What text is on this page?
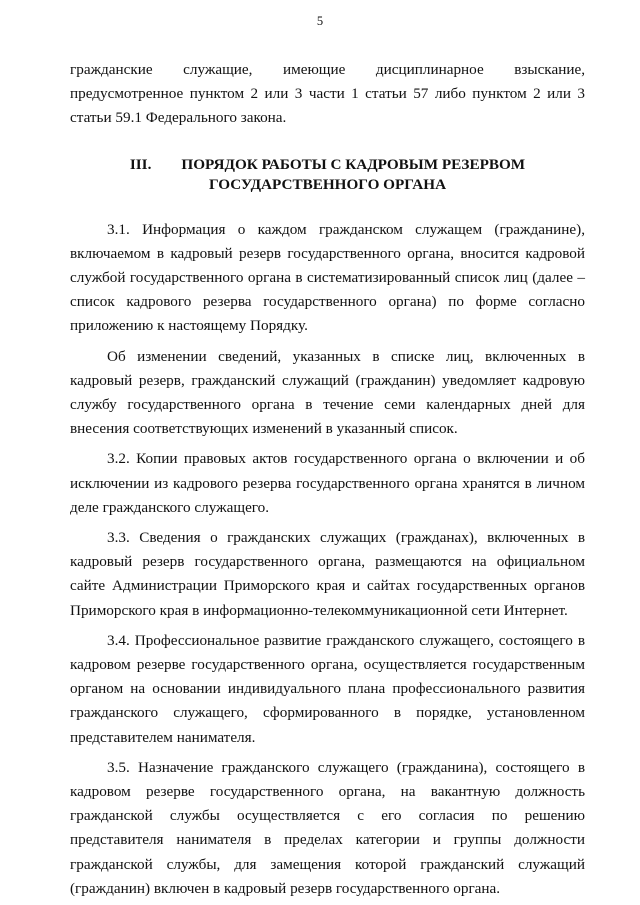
5

гражданские служащие, имеющие дисциплинарное взыскание, предусмотренное пунктом 2 или 3 части 1 статьи 57 либо пунктом 2 или 3 статьи 59.1 Федерального закона.

III. ПОРЯДОК РАБОТЫ С КАДРОВЫМ РЕЗЕРВОМ
ГОСУДАРСТВЕННОГО ОРГАНА

3.1. Информация о каждом гражданском служащем (гражданине), включаемом в кадровый резерв государственного органа, вносится кадровой службой государственного органа в систематизированный список лиц (далее – список кадрового резерва государственного органа) по форме согласно приложению к настоящему Порядку.

Об изменении сведений, указанных в списке лиц, включенных в кадровый резерв, гражданский служащий (гражданин) уведомляет кадровую службу государственного органа в течение семи календарных дней для внесения соответствующих изменений в указанный список.

3.2. Копии правовых актов государственного органа о включении и об исключении из кадрового резерва государственного органа хранятся в личном деле гражданского служащего.

3.3. Сведения о гражданских служащих (гражданах), включенных в кадровый резерв государственного органа, размещаются на официальном сайте Администрации Приморского края и сайтах государственных органов Приморского края в информационно-телекоммуникационной сети Интернет.

3.4. Профессиональное развитие гражданского служащего, состоящего в кадровом резерве государственного органа, осуществляется государственным органом на основании индивидуального плана профессионального развития гражданского служащего, сформированного в порядке, установленном представителем нанимателя.

3.5. Назначение гражданского служащего (гражданина), состоящего в кадровом резерве государственного органа, на вакантную должность гражданской службы осуществляется с его согласия по решению представителя нанимателя в пределах категории и группы должности гражданской службы, для замещения которой гражданский служащий (гражданин) включен в кадровый резерв государственного органа.
